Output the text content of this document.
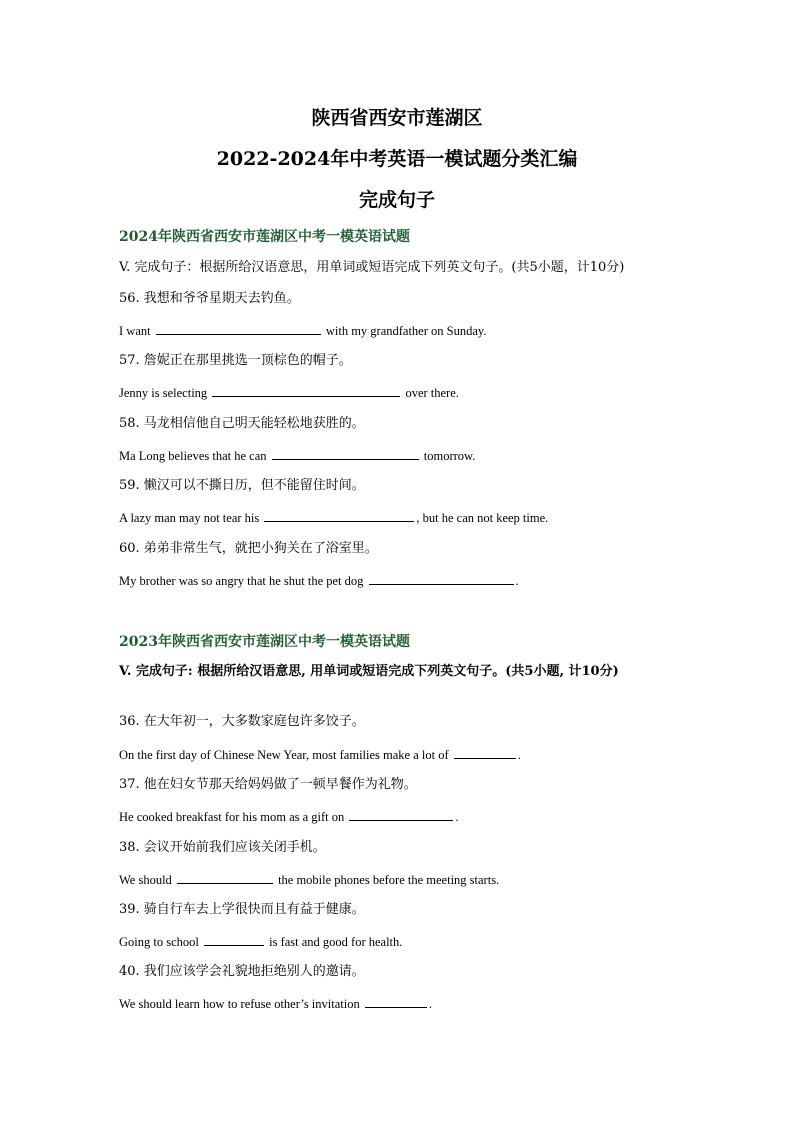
陕西省西安市莲湖区
2022-2024年中考英语一模试题分类汇编
完成句子
2024年陕西省西安市莲湖区中考一模英语试题
V. 完成句子：根据所给汉语意思，用单词或短语完成下列英文句子。(共5小题，计10分)
56. 我想和爷爷星期天去钓鱼。
I want	with my grandfather on Sunday.
57. 詹妮正在那里挑选一顶棕色的帽子。
Jenny is selecting	over there.
58. 马龙相信他自己明天能轻松地获胜的。
Ma Long believes that he can	tomorrow.
59. 懒汉可以不撕日历，但不能留住时间。
A lazy man may not tear his	, but he can not keep time.
60. 弟弟非常生气，就把小狗关在了浴室里。
My brother was so angry that he shut the pet dog	.
2023年陕西省西安市莲湖区中考一模英语试题
V. 完成句子: 根据所给汉语意思, 用单词或短语完成下列英文句子。(共5小题, 计10分)
36. 在大年初一，大多数家庭包许多饺子。
On the first day of Chinese New Year, most families make a lot of	.
37. 他在妇女节那天给妈妈做了一顿早餐作为礼物。
He cooked breakfast for his mom as a gift on	.
38. 会议开始前我们应该关闭手机。
We should	the mobile phones before the meeting starts.
39. 骑自行车去上学很快而且有益于健康。
Going to school	is fast and good for health.
40. 我们应该学会礼貌地拒绝别人的邀请。
We should learn how to refuse other’s invitation	.
